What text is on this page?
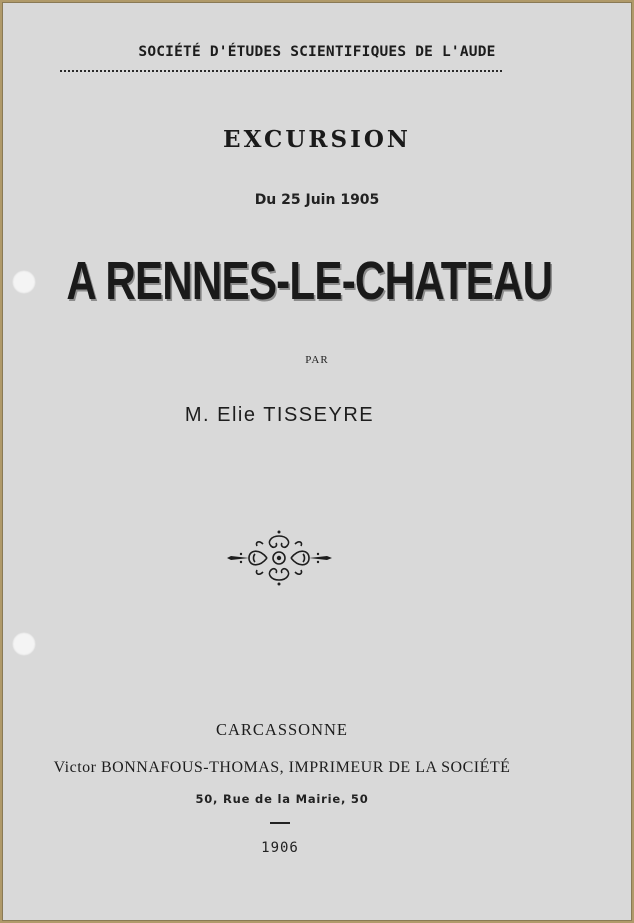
SOCIÉTÉ D'ÉTUDES SCIENTIFIQUES DE L'AUDE
EXCURSION
Du 25 Juin 1905
A RENNES-LE-CHATEAU
PAR
M. Elie TISSEYRE
CARCASSONNE
Victor BONNAFOUS-THOMAS, IMPRIMEUR DE LA SOCIÉTÉ
50, Rue de la Mairie, 50
1906
